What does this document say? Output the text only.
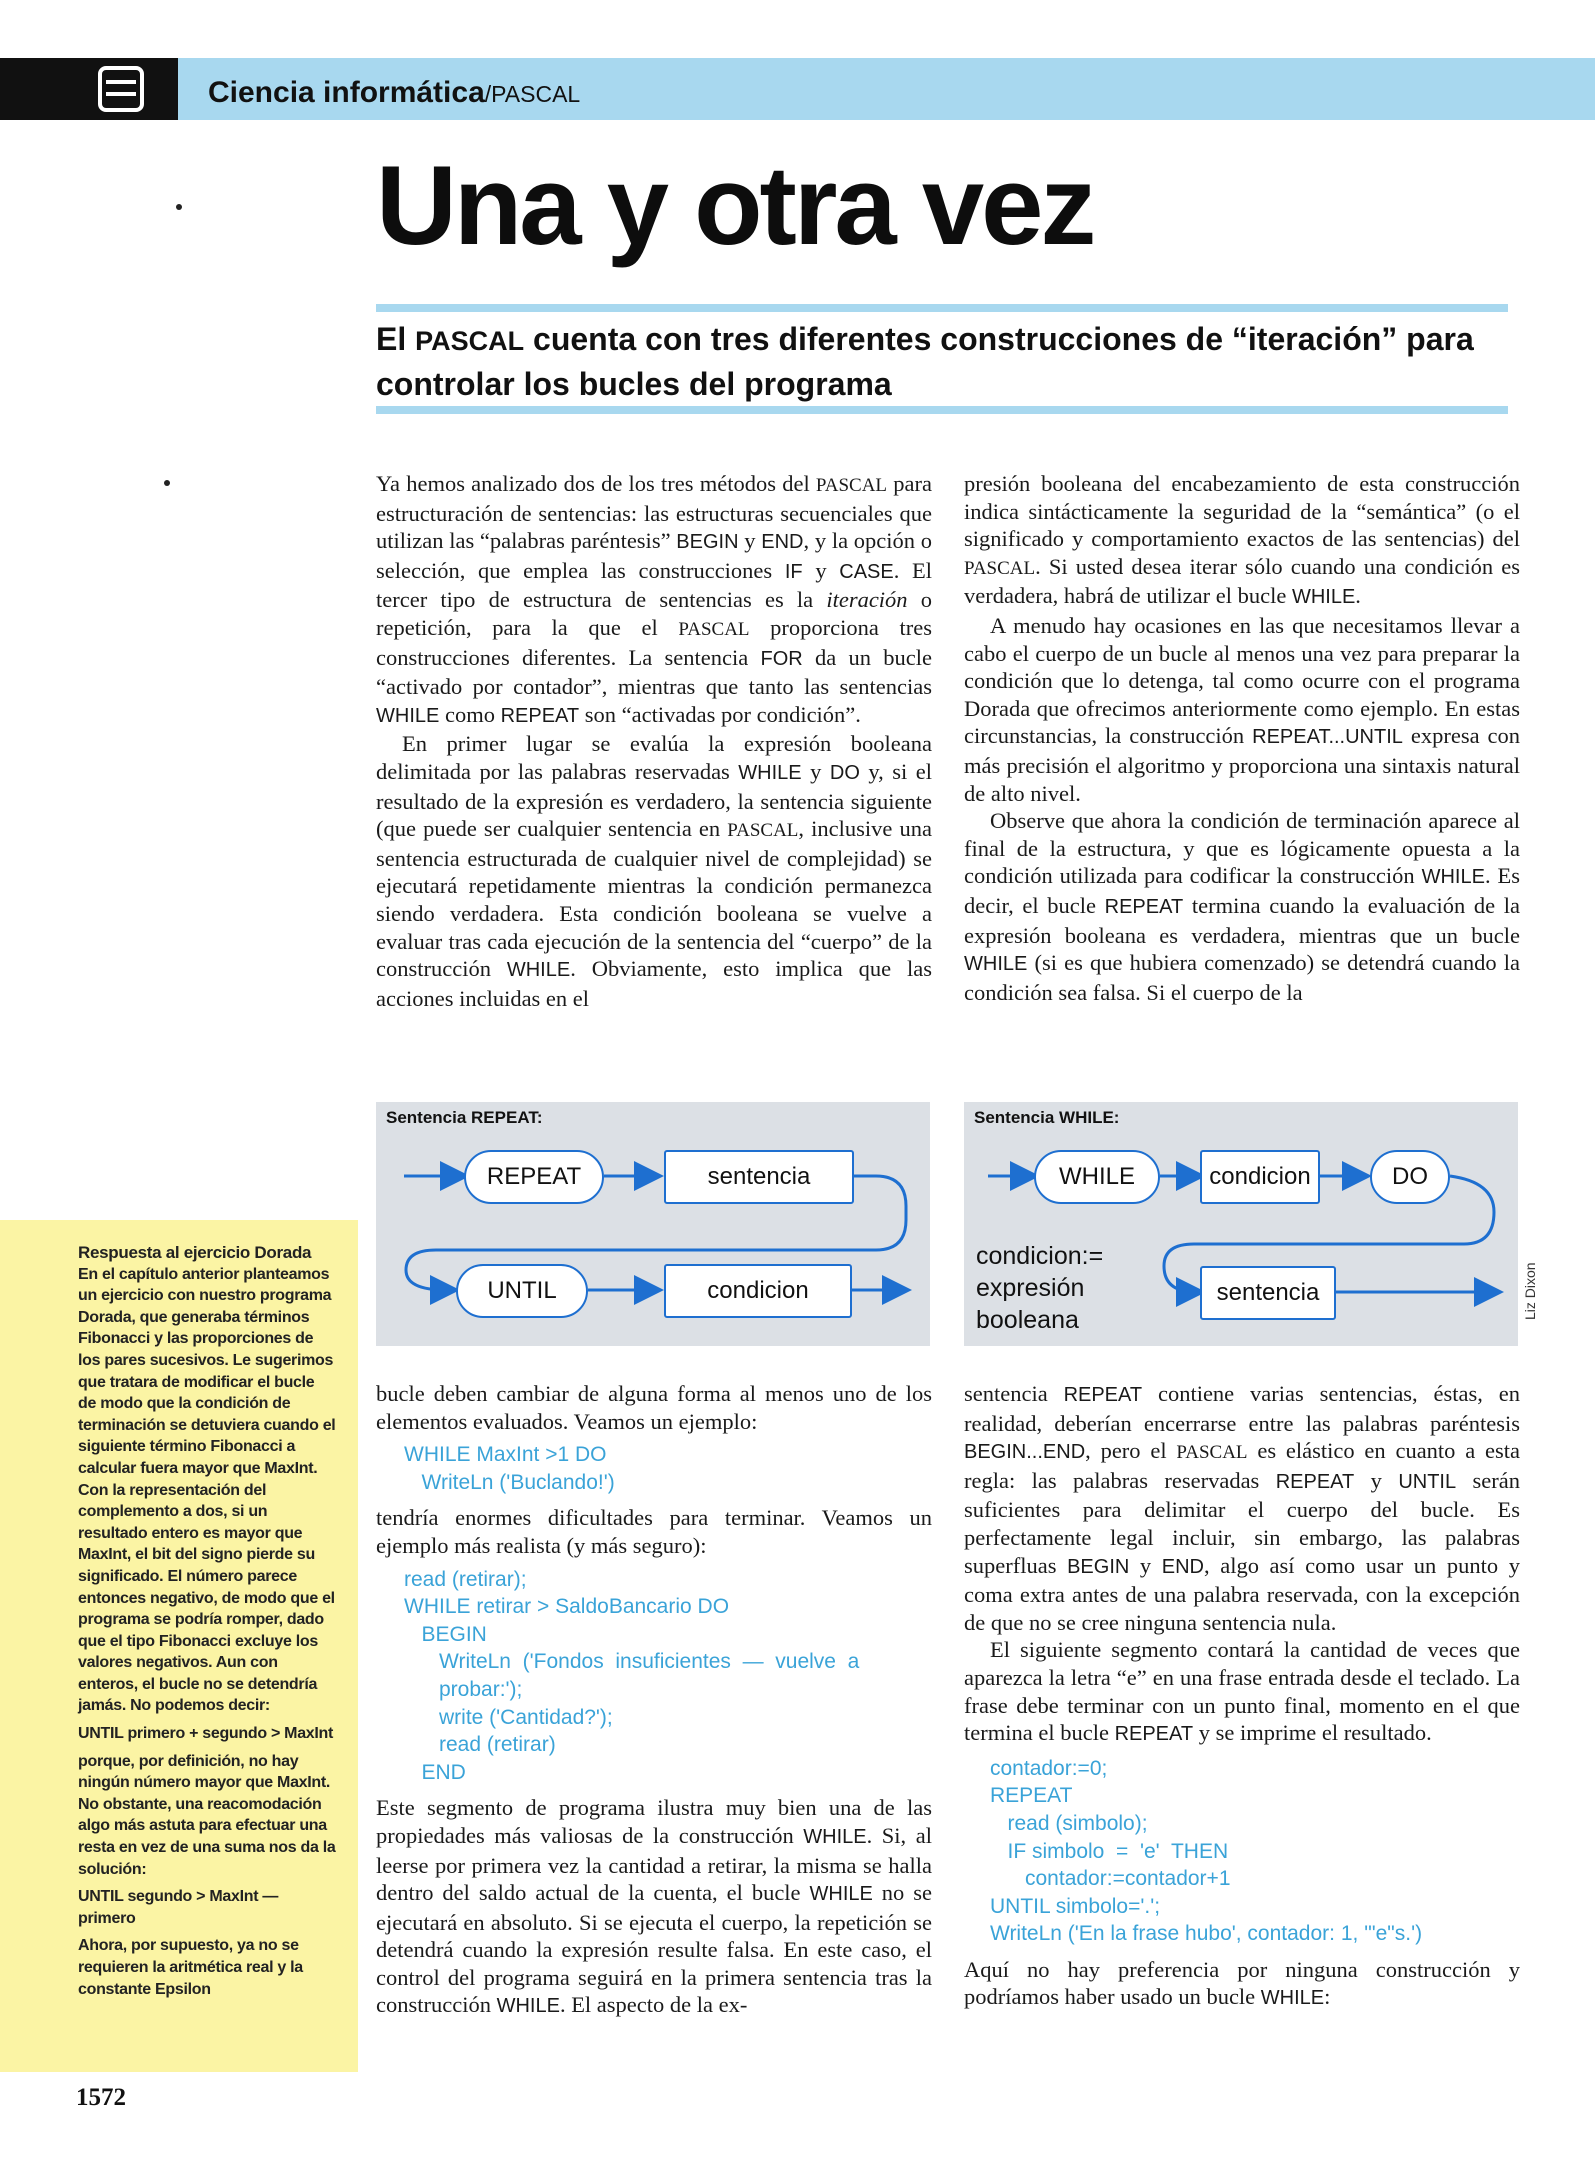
Ciencia informática/PASCAL
Una y otra vez
El PASCAL cuenta con tres diferentes construcciones de “iteración” para controlar los bucles del programa

Ya hemos analizado dos de los tres métodos del PASCAL para estructuración de sentencias: las estructuras secuenciales que utilizan las “palabras paréntesis” BEGIN y END, y la opción o selección, que emplea las construcciones IF y CASE. El tercer tipo de estructura de sentencias es la iteración o repetición, para la que el PASCAL proporciona tres construcciones diferentes. La sentencia FOR da un bucle “activado por contador”, mientras que tanto las sentencias WHILE como REPEAT son “activadas por condición”.

En primer lugar se evalúa la expresión booleana delimitada por las palabras reservadas WHILE y DO y, si el resultado de la expresión es verdadero, la sentencia siguiente (que puede ser cualquier sentencia en PASCAL, inclusive una sentencia estructurada de cualquier nivel de complejidad) se ejecutará repetidamente mientras la condición permanezca siendo verdadera. Esta condición booleana se vuelve a evaluar tras cada ejecución de la sentencia del “cuerpo” de la construcción WHILE. Obviamente, esto implica que las acciones incluidas en el

presión booleana del encabezamiento de esta construcción indica sintácticamente la seguridad de la “semántica” (o el significado y comportamiento exactos de las sentencias) del PASCAL. Si usted desea iterar sólo cuando una condición es verdadera, habrá de utilizar el bucle WHILE.

A menudo hay ocasiones en las que necesitamos llevar a cabo el cuerpo de un bucle al menos una vez para preparar la condición que lo detenga, tal como ocurre con el programa Dorada que ofrecimos anteriormente como ejemplo. En estas circunstancias, la construcción REPEAT...UNTIL expresa con más precisión el algoritmo y proporciona una sintaxis natural de alto nivel.

Observe que ahora la condición de terminación aparece al final de la estructura, y que es lógicamente opuesta a la condición utilizada para codificar la construcción WHILE. Es decir, el bucle REPEAT termina cuando la evaluación de la expresión booleana es verdadera, mientras que un bucle WHILE (si es que hubiera comenzado) se detendrá cuando la condición sea falsa. Si el cuerpo de la

Sentencia REPEAT:
REPEAT	sentencia
UNTIL	condicion
Sentencia WHILE:
WHILE	condicion	DO
sentencia
condicion:=
expresión
booleana	Liz Dixon

bucle deben cambiar de alguna forma al menos uno de los elementos evaluados. Veamos un ejemplo:

WHILE MaxInt >1 DO
WriteLn ('Buclando!')

tendría enormes dificultades para terminar. Veamos un ejemplo más realista (y más seguro):

read (retirar);
WHILE retirar > SaldoBancario DO
BEGIN
WriteLn  ('Fondos  insuficientes  —  vuelve  a
probar:');
write ('Cantidad?');
read (retirar)
END

Este segmento de programa ilustra muy bien una de las propiedades más valiosas de la construcción WHILE. Si, al leerse por primera vez la cantidad a retirar, la misma se halla dentro del saldo actual de la cuenta, el bucle WHILE no se ejecutará en absoluto. Si se ejecuta el cuerpo, la repetición se detendrá cuando la expresión resulte falsa. En este caso, el control del programa seguirá en la primera sentencia tras la construcción WHILE. El aspecto de la ex-

sentencia REPEAT contiene varias sentencias, éstas, en realidad, deberían encerrarse entre las palabras paréntesis BEGIN...END, pero el PASCAL es elástico en cuanto a esta regla: las palabras reservadas REPEAT y UNTIL serán suficientes para delimitar el cuerpo del bucle. Es perfectamente legal incluir, sin embargo, las palabras superfluas BEGIN y END, algo así como usar un punto y coma extra antes de una palabra reservada, con la excepción de que no se cree ninguna sentencia nula.

El siguiente segmento contará la cantidad de veces que aparezca la letra “e” en una frase entrada desde el teclado. La frase debe terminar con un punto final, momento en el que termina el bucle REPEAT y se imprime el resultado.

contador:=0;
REPEAT
read (simbolo);
IF simbolo  =  'e'  THEN
contador:=contador+1
UNTIL simbolo='.';
WriteLn ('En la frase hubo', contador: 1, '"e"s.')

Aquí no hay preferencia por ninguna construcción y podríamos haber usado un bucle WHILE:

Respuesta al ejercicio Dorada

En el capítulo anterior planteamos un ejercicio con nuestro programa Dorada, que generaba términos Fibonacci y las proporciones de los pares sucesivos. Le sugerimos que tratara de modificar el bucle de modo que la condición de terminación se detuviera cuando el siguiente término Fibonacci a calcular fuera mayor que MaxInt. Con la representación del complemento a dos, si un resultado entero es mayor que MaxInt, el bit del signo pierde su significado. El número parece entonces negativo, de modo que el programa se podría romper, dado que el tipo Fibonacci excluye los valores negativos. Aun con enteros, el bucle no se detendría jamás. No podemos decir:

UNTIL primero + segundo > MaxInt

porque, por definición, no hay ningún número mayor que MaxInt. No obstante, una reacomodación algo más astuta para efectuar una resta en vez de una suma nos da la solución:

UNTIL segundo > MaxInt — primero

Ahora, por supuesto, ya no se requieren la aritmética real y la constante Epsilon

1572
